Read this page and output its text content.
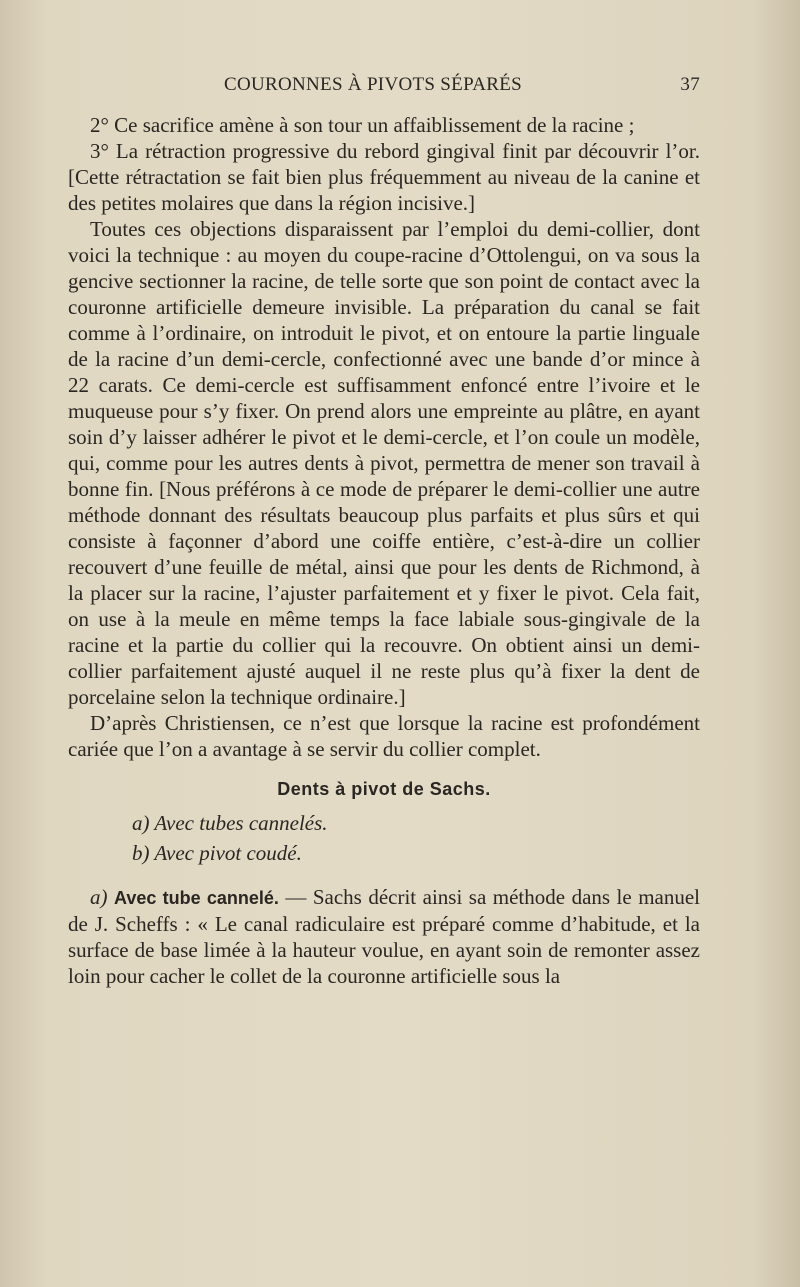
COURONNES À PIVOTS SÉPARÉS	37

2° Ce sacrifice amène à son tour un affaiblissement de la racine ;

3° La rétraction progressive du rebord gingival finit par découvrir l’or. [Cette rétractation se fait bien plus fréquemment au niveau de la canine et des petites molaires que dans la région incisive.]

Toutes ces objections disparaissent par l’emploi du demi-collier, dont voici la technique : au moyen du coupe-racine d’Ottolengui, on va sous la gencive sectionner la racine, de telle sorte que son point de contact avec la couronne artificielle demeure invisible. La préparation du canal se fait comme à l’ordinaire, on introduit le pivot, et on entoure la partie linguale de la racine d’un demi-cercle, confectionné avec une bande d’or mince à 22 carats. Ce demi-cercle est suffisamment enfoncé entre l’ivoire et le muqueuse pour s’y fixer. On prend alors une empreinte au plâtre, en ayant soin d’y laisser adhérer le pivot et le demi-cercle, et l’on coule un modèle, qui, comme pour les autres dents à pivot, permettra de mener son travail à bonne fin. [Nous préférons à ce mode de préparer le demi-collier une autre méthode donnant des résultats beaucoup plus parfaits et plus sûrs et qui consiste à façonner d’abord une coiffe entière, c’est-à-dire un collier recouvert d’une feuille de métal, ainsi que pour les dents de Richmond, à la placer sur la racine, l’ajuster parfaitement et y fixer le pivot. Cela fait, on use à la meule en même temps la face labiale sous-gingivale de la racine et la partie du collier qui la recouvre. On obtient ainsi un demi-collier parfaitement ajusté auquel il ne reste plus qu’à fixer la dent de porcelaine selon la technique ordinaire.]

D’après Christiensen, ce n’est que lorsque la racine est profondément cariée que l’on a avantage à se servir du collier complet.

Dents à pivot de Sachs.

a) Avec tubes cannelés.

b) Avec pivot coudé.

a) Avec tube cannelé. — Sachs décrit ainsi sa méthode dans le manuel de J. Scheffs : « Le canal radiculaire est préparé comme d’habitude, et la surface de base limée à la hauteur voulue, en ayant soin de remonter assez loin pour cacher le collet de la couronne artificielle sous la
